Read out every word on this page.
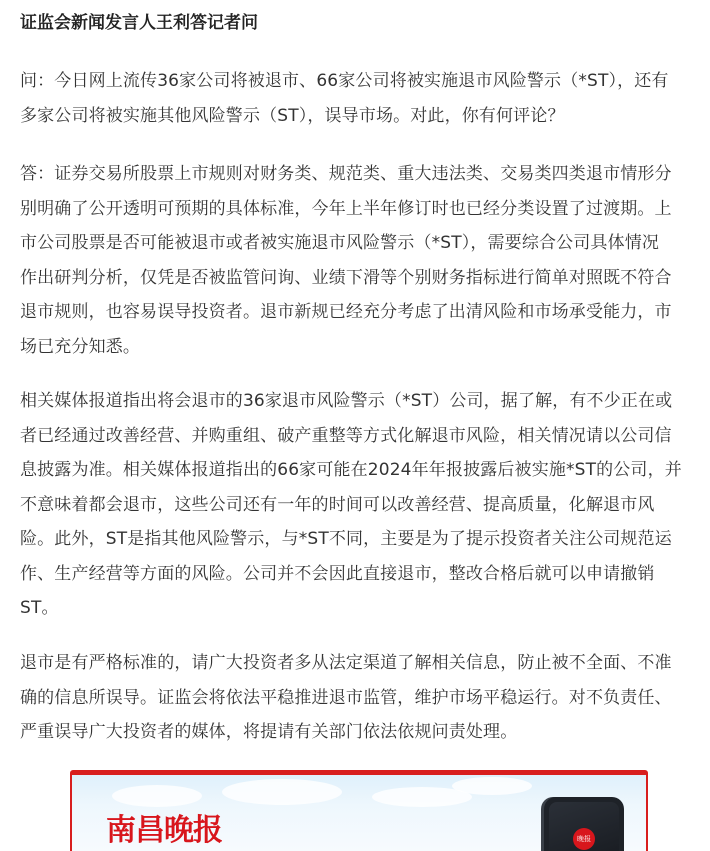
证监会新闻发言人王利答记者问
问：今日网上流传36家公司将被退市、66家公司将被实施退市风险警示（*ST），还有
多家公司将被实施其他风险警示（ST），误导市场。对此，你有何评论？
答：证券交易所股票上市规则对财务类、规范类、重大违法类、交易类四类退市情形分
别明确了公开透明可预期的具体标准，今年上半年修订时也已经分类设置了过渡期。上
市公司股票是否可能被退市或者被实施退市风险警示（*ST），需要综合公司具体情况
作出研判分析，仅凭是否被监管问询、业绩下滑等个别财务指标进行简单对照既不符合
退市规则，也容易误导投资者。退市新规已经充分考虑了出清风险和市场承受能力，市
场已充分知悉。
相关媒体报道指出将会退市的36家退市风险警示（*ST）公司，据了解，有不少正在或
者已经通过改善经营、并购重组、破产重整等方式化解退市风险，相关情况请以公司信
息披露为准。相关媒体报道指出的66家可能在2024年年报披露后被实施*ST的公司，并
不意味着都会退市，这些公司还有一年的时间可以改善经营、提高质量，化解退市风
险。此外，ST是指其他风险警示，与*ST不同，主要是为了提示投资者关注公司规范运
作、生产经营等方面的风险。公司并不会因此直接退市，整改合格后就可以申请撤销
ST。
退市是有严格标准的，请广大投资者多从法定渠道了解相关信息，防止被不全面、不准
确的信息所误导。证监会将依法平稳推进退市监管，维护市场平稳运行。对不负责任、
严重误导广大投资者的媒体，将提请有关部门依法依规问责处理。
南昌晚报	晚报
